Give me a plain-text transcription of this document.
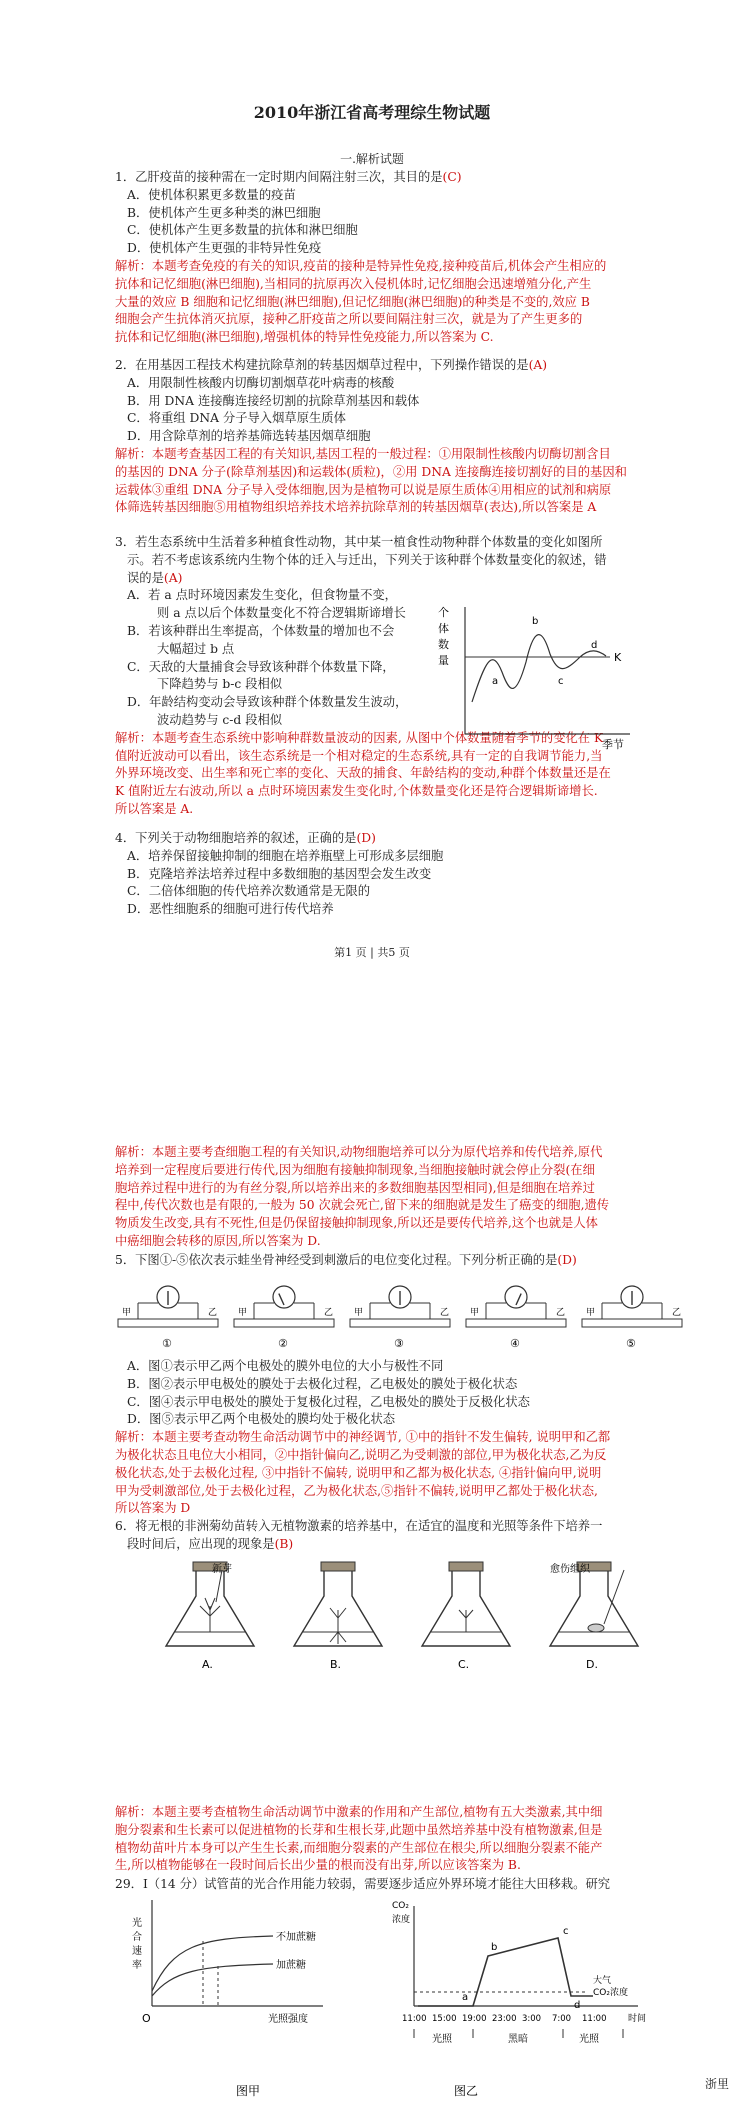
2010年浙江省高考理综生物试题
一.解析试题
1．乙肝疫苗的接种需在一定时期内间隔注射三次，其目的是(C)
A．使机体积累更多数量的疫苗
B．使机体产生更多种类的淋巴细胞
C．使机体产生更多数量的抗体和淋巴细胞
D．使机体产生更强的非特异性免疫
解析：本题考查免疫的有关的知识,疫苗的接种是特异性免疫,接种疫苗后,机体会产生相应的
抗体和记忆细胞(淋巴细胞),当相同的抗原再次入侵机体时,记忆细胞会迅速增殖分化,产生
大量的效应 B 细胞和记忆细胞(淋巴细胞),但记忆细胞(淋巴细胞)的种类是不变的,效应 B
细胞会产生抗体消灭抗原，接种乙肝疫苗之所以要间隔注射三次，就是为了产生更多的
抗体和记忆细胞(淋巴细胞),增强机体的特异性免疫能力,所以答案为 C.
2．在用基因工程技术构建抗除草剂的转基因烟草过程中，下列操作错误的是(A)
A．用限制性核酸内切酶切割烟草花叶病毒的核酸
B．用 DNA 连接酶连接经切割的抗除草剂基因和载体
C．将重组 DNA 分子导入烟草原生质体
D．用含除草剂的培养基筛选转基因烟草细胞
解析：本题考查基因工程的有关知识,基因工程的一般过程：①用限制性核酸内切酶切割含目
的基因的 DNA 分子(除草剂基因)和运载体(质粒)，②用 DNA 连接酶连接切割好的目的基因和
运载体③重组 DNA 分子导入受体细胞,因为是植物可以说是原生质体④用相应的试剂和病原
体筛选转基因细胞⑤用植物组织培养技术培养抗除草剂的转基因烟草(表达),所以答案是 A
3．若生态系统中生活着多种植食性动物，其中某一植食性动物种群个体数量的变化如图所
示。若不考虑该系统内生物个体的迁入与迁出，下列关于该种群个体数量变化的叙述，错
误的是(A)
A．若 a 点时环境因素发生变化，但食物量不变，
则 a 点以后个体数量变化不符合逻辑斯谛增长
B．若该种群出生率提高，个体数量的增加也不会
大幅超过 b 点
C．天敌的大量捕食会导致该种群个体数量下降，
下降趋势与 b-c 段相似
D．年龄结构变动会导致该种群个体数量发生波动，
波动趋势与 c-d 段相似
解析：本题考查生态系统中影响种群数量波动的因素, 从图中个体数量随着季节的变化在 K
值附近波动可以看出，该生态系统是一个相对稳定的生态系统,具有一定的自我调节能力,当
外界环境改变、出生率和死亡率的变化、天敌的捕食、年龄结构的变动,种群个体数量还是在
K 值附近左右波动,所以 a 点时环境因素发生变化时,个体数量变化还是符合逻辑斯谛增长.
所以答案是 A.
个
体
数
量	K
a
b
c
d
季节
4．下列关于动物细胞培养的叙述，正确的是(D)
A．培养保留接触抑制的细胞在培养瓶壁上可形成多层细胞
B．克隆培养法培养过程中多数细胞的基因型会发生改变
C．二倍体细胞的传代培养次数通常是无限的
D．恶性细胞系的细胞可进行传代培养
第1 页 | 共5 页
解析：本题主要考查细胞工程的有关知识,动物细胞培养可以分为原代培养和传代培养,原代
培养到一定程度后要进行传代,因为细胞有接触抑制现象,当细胞接触时就会停止分裂(在细
胞培养过程中进行的为有丝分裂,所以培养出来的多数细胞基因型相同),但是细胞在培养过
程中,传代次数也是有限的,一般为 50 次就会死亡,留下来的细胞就是发生了癌变的细胞,遗传
物质发生改变,具有不死性,但是仍保留接触抑制现象,所以还是要传代培养,这个也就是人体
中癌细胞会转移的原因,所以答案为 D.
5．下图①-⑤依次表示蛙坐骨神经受到刺激后的电位变化过程。下列分析正确的是(D)
甲	乙
①
甲	乙
②
甲	乙
③
甲	乙
④
甲	乙
⑤
A．图①表示甲乙两个电极处的膜外电位的大小与极性不同
B．图②表示甲电极处的膜处于去极化过程，乙电极处的膜处于极化状态
C．图④表示甲电极处的膜处于复极化过程，乙电极处的膜处于反极化状态
D．图⑤表示甲乙两个电极处的膜均处于极化状态
解析：本题主要考查动物生命活动调节中的神经调节, ①中的指针不发生偏转, 说明甲和乙都
为极化状态且电位大小相同，②中指针偏向乙,说明乙为受刺激的部位,甲为极化状态,乙为反
极化状态,处于去极化过程, ③中指针不偏转, 说明甲和乙都为极化状态, ④指针偏向甲,说明
甲为受刺激部位,处于去极化过程，乙为极化状态,⑤指针不偏转,说明甲乙都处于极化状态,
所以答案为 D
6．将无根的非洲菊幼苗转入无植物激素的培养基中，在适宜的温度和光照等条件下培养一
段时间后，应出现的现象是(B)
A.	B.	C.	D.
新芽	愈伤组织
解析：本题主要考查植物生命活动调节中激素的作用和产生部位,植物有五大类激素,其中细
胞分裂素和生长素可以促进植物的长芽和生根长芽,此题中虽然培养基中没有植物激素,但是
植物幼苗叶片本身可以产生生长素,而细胞分裂素的产生部位在根尖,所以细胞分裂素不能产
生,所以植物能够在一段时间后长出少量的根而没有出芽,所以应该答案为 B.
29．Ⅰ（14 分）试管苗的光合作用能力较弱，需要逐步适应外界环境才能往大田移栽。研究
光
合
速
率
不加蔗糖
加蔗糖
O	光照强度
图甲
CO₂
浓度
a
b
c
d
大气
CO₂浓度
11:00 15:00 19:00 23:00 3:00 7:00 11:00 时间
光照	黑暗	光照
图乙	浙里
